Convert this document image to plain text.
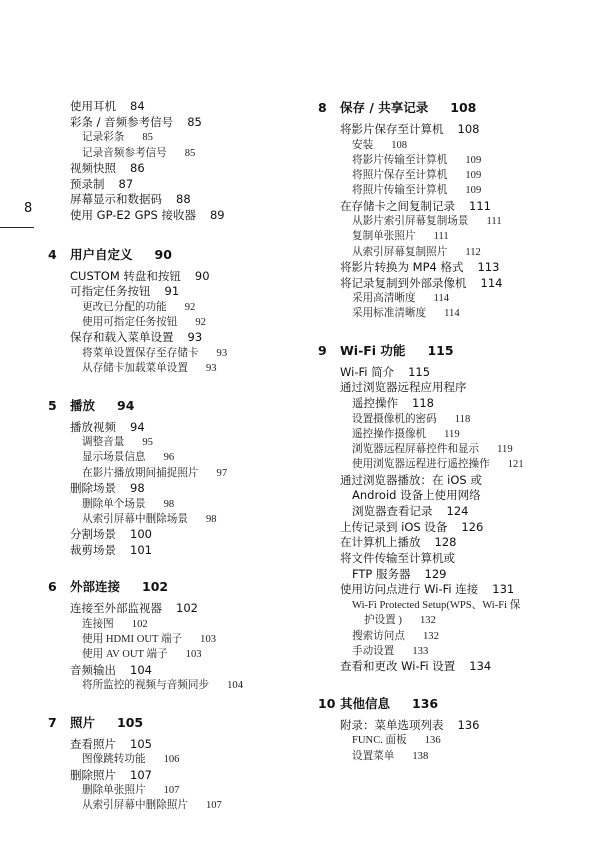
8
使用耳机 84
彩条 / 音频参考信号 85
记录彩条 85
记录音频参考信号 85
视频快照 86
预录制 87
屏幕显示和数据码 88
使用 GP-E2 GPS 接收器 89
4	用户自定义 90
CUSTOM 转盘和按钮 90
可指定任务按钮 91
更改已分配的功能 92
使用可指定任务按钮 92
保存和载入菜单设置 93
将菜单设置保存至存储卡 93
从存储卡加载菜单设置 93
5	播放 94
播放视频 94
调整音量 95
显示场景信息 96
在影片播放期间捕捉照片 97
删除场景 98
删除单个场景 98
从索引屏幕中删除场景 98
分割场景 100
裁剪场景 101
6	外部连接 102
连接至外部监视器 102
连接图 102
使用 HDMI OUT 端子 103
使用 AV OUT 端子 103
音频输出 104
将所监控的视频与音频同步 104
7	照片 105
查看照片 105
图像跳转功能 106
删除照片 107
删除单张照片 107
从索引屏幕中删除照片 107
8	保存 / 共享记录 108
将影片保存至计算机 108
安装 108
将影片传输至计算机 109
将照片保存至计算机 109
将照片传输至计算机 109
在存储卡之间复制记录 111
从影片索引屏幕复制场景 111
复制单张照片 111
从索引屏幕复制照片 112
将影片转换为 MP4 格式 113
将记录复制到外部录像机 114
采用高清晰度 114
采用标准清晰度 114
9	Wi-Fi 功能 115
Wi-Fi 简介 115
通过浏览器远程应用程序
遥控操作 118
设置摄像机的密码 118
遥控操作摄像机 119
浏览器远程屏幕控件和显示 119
使用浏览器远程进行遥控操作 121
通过浏览器播放：在 iOS 或
Android 设备上使用网络
浏览器查看记录 124
上传记录到 iOS 设备 126
在计算机上播放 128
将文件传输至计算机或
FTP 服务器 129
使用访问点进行 Wi-Fi 连接 131
Wi-Fi Protected Setup(WPS、Wi-Fi 保
护设置 ) 132
搜索访问点 132
手动设置 133
查看和更改 Wi-Fi 设置 134
10 其他信息 136
附录：菜单选项列表 136
FUNC. 面板 136
设置菜单 138
